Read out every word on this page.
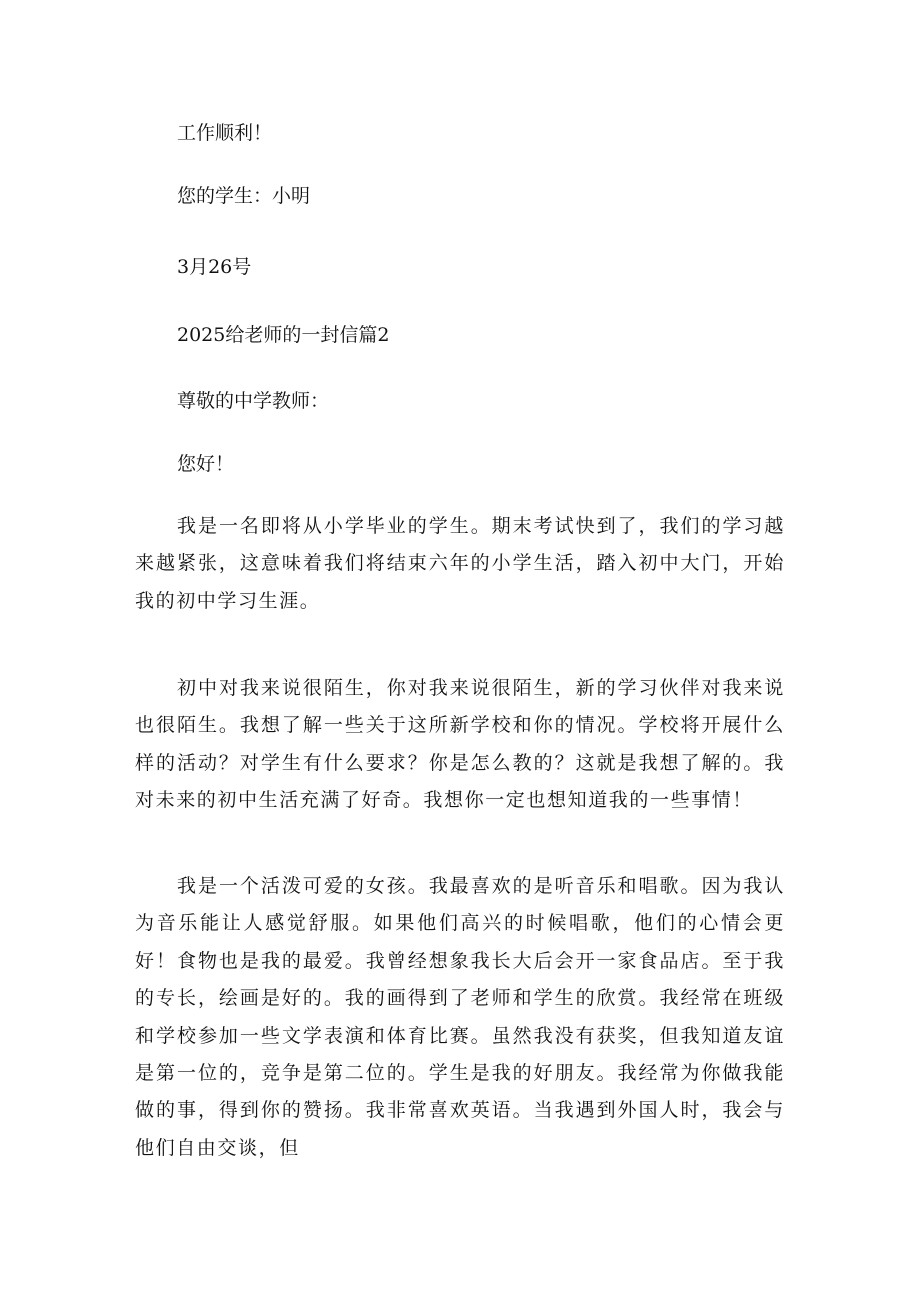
工作顺利！

您的学生：小明

3月26号

2025给老师的一封信篇2

尊敬的中学教师：

您好！

我是一名即将从小学毕业的学生。期末考试快到了，我们的学习越来越紧张，这意味着我们将结束六年的小学生活，踏入初中大门，开始我的初中学习生涯。

初中对我来说很陌生，你对我来说很陌生，新的学习伙伴对我来说也很陌生。我想了解一些关于这所新学校和你的情况。学校将开展什么样的活动？对学生有什么要求？你是怎么教的？这就是我想了解的。我对未来的初中生活充满了好奇。我想你一定也想知道我的一些事情！

我是一个活泼可爱的女孩。我最喜欢的是听音乐和唱歌。因为我认为音乐能让人感觉舒服。如果他们高兴的时候唱歌，他们的心情会更好！食物也是我的最爱。我曾经想象我长大后会开一家食品店。至于我的专长，绘画是好的。我的画得到了老师和学生的欣赏。我经常在班级和学校参加一些文学表演和体育比赛。虽然我没有获奖，但我知道友谊是第一位的，竞争是第二位的。学生是我的好朋友。我经常为你做我能做的事，得到你的赞扬。我非常喜欢英语。当我遇到外国人时，我会与他们自由交谈，但
